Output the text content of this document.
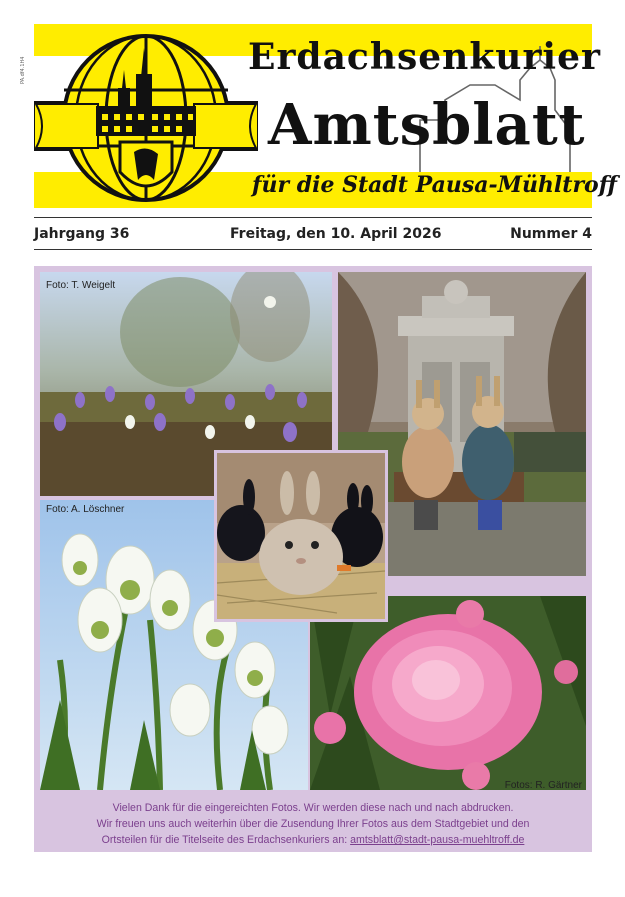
PA.df4.1H4	Erdachsenkurier
Amtsblatt
für die Stadt Pausa-Mühltroff
Jahrgang 36	Freitag, den 10. April 2026	Nummer 4
Foto: T. Weigelt
Foto: A. Löschner
Fotos: R. Gärtner
Vielen Dank für die eingereichten Fotos. Wir werden diese nach und nach abdrucken.
Wir freuen uns auch weiterhin über die Zusendung Ihrer Fotos aus dem Stadtgebiet und den
Ortsteilen für die Titelseite des Erdachsenkuriers an: amtsblatt@stadt-pausa-muehltroff.de
